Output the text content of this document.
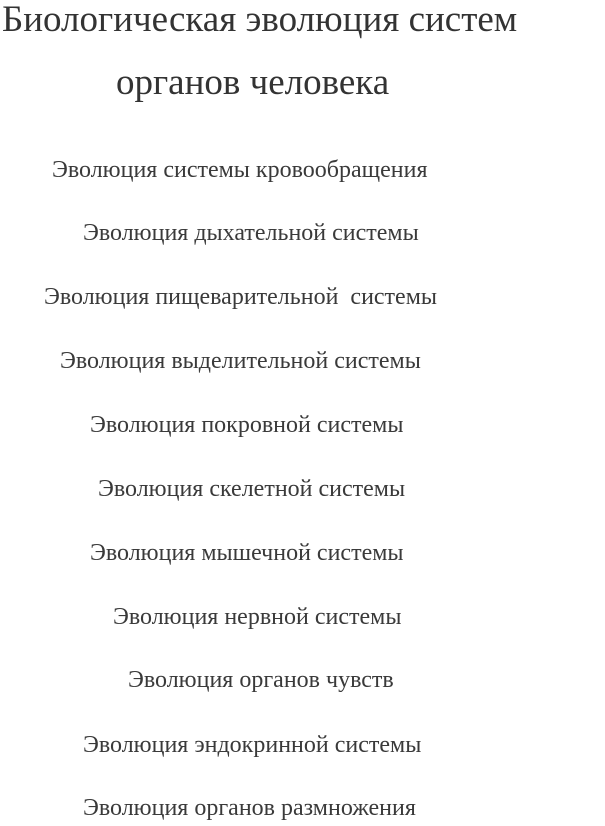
Биологическая эволюция систем
органов человека

Эволюция системы кровообращения

Эволюция дыхательной системы

Эволюция пищеварительной  системы

Эволюция выделительной системы

Эволюция покровной системы

Эволюция скелетной системы

Эволюция мышечной системы

Эволюция нервной системы

Эволюция органов чувств

Эволюция эндокринной системы

Эволюция органов размножения
